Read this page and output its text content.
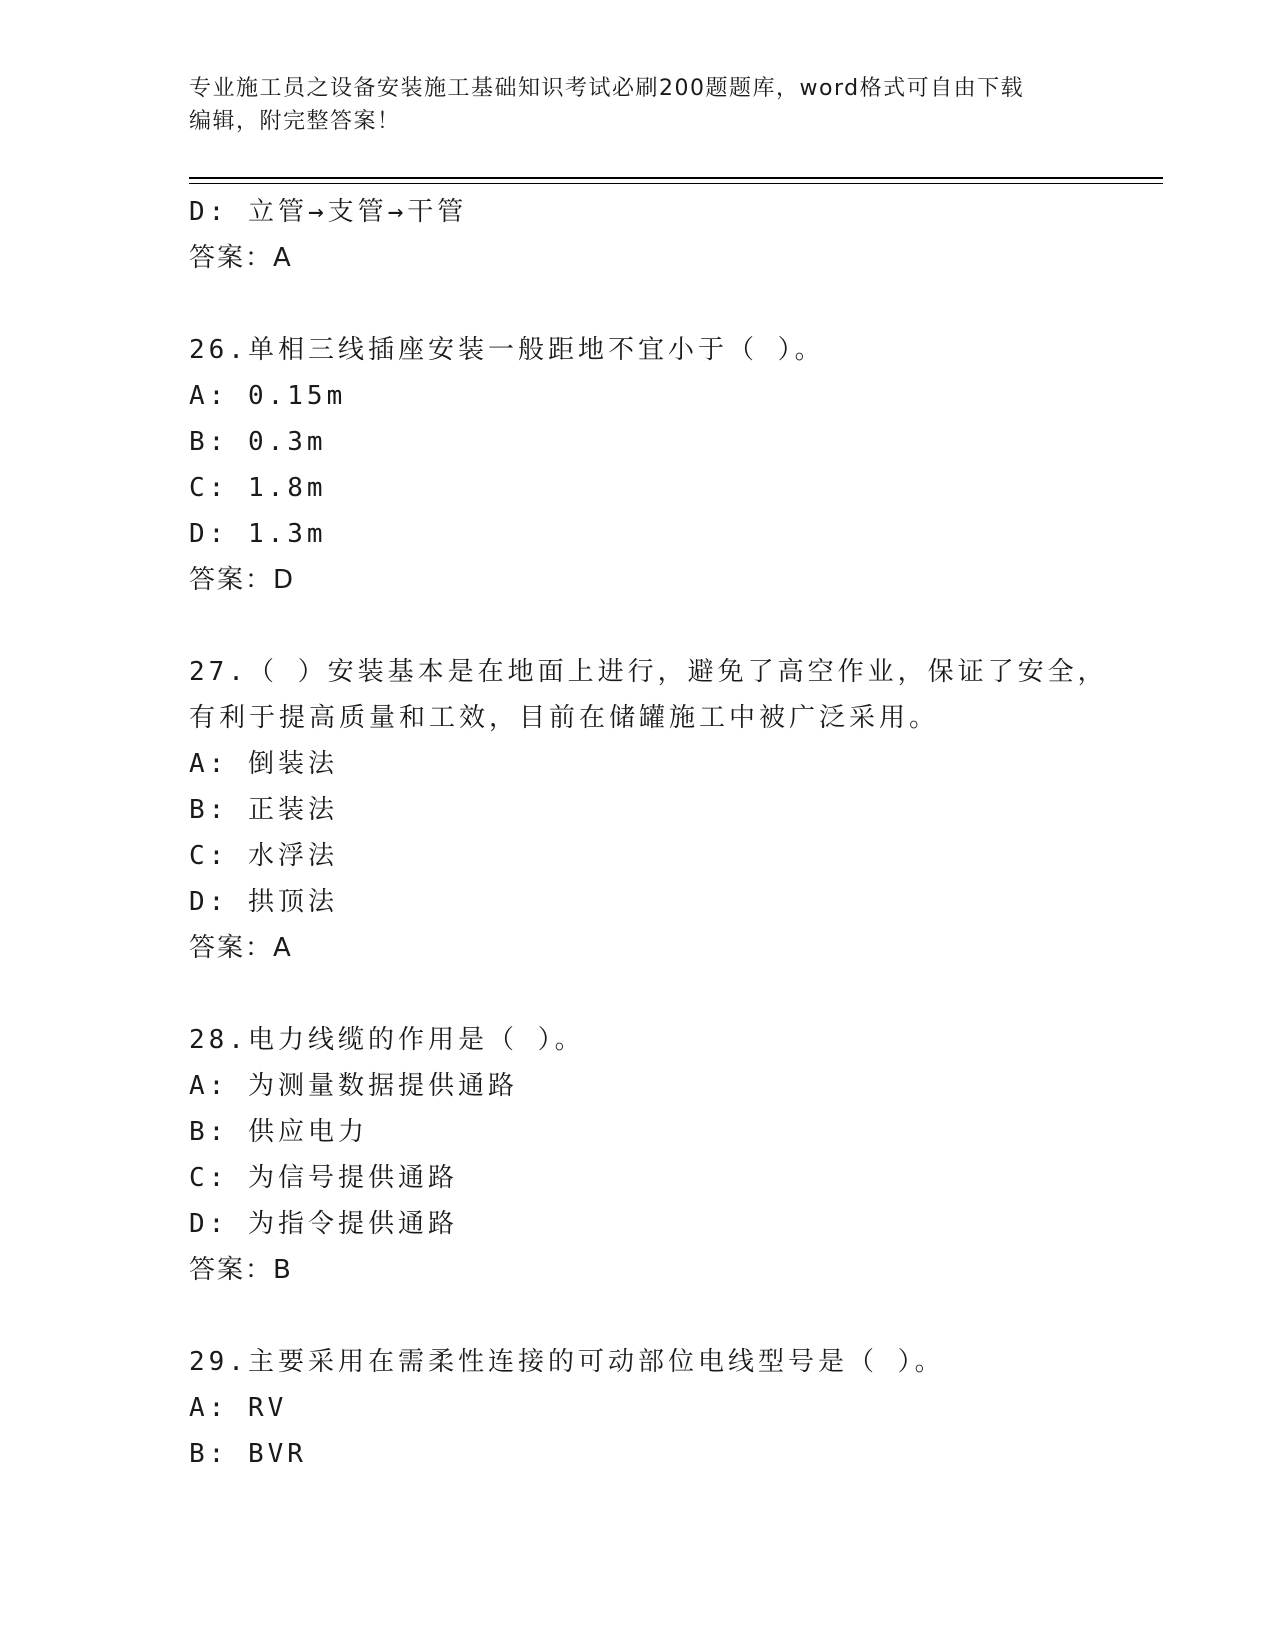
专业施工员之设备安装施工基础知识考试必刷200题题库，word格式可自由下载
编辑，附完整答案！
D: 立管→支管→干管
答案：A
26.单相三线插座安装一般距地不宜小于（ ）。
A: 0.15m
B: 0.3m
C: 1.8m
D: 1.3m
答案：D
27.（ ）安装基本是在地面上进行，避免了高空作业，保证了安全，
有利于提高质量和工效，目前在储罐施工中被广泛采用。
A: 倒装法
B: 正装法
C: 水浮法
D: 拱顶法
答案：A
28.电力线缆的作用是（ ）。
A: 为测量数据提供通路
B: 供应电力
C: 为信号提供通路
D: 为指令提供通路
答案：B
29.主要采用在需柔性连接的可动部位电线型号是（ ）。
A: RV
B: BVR
